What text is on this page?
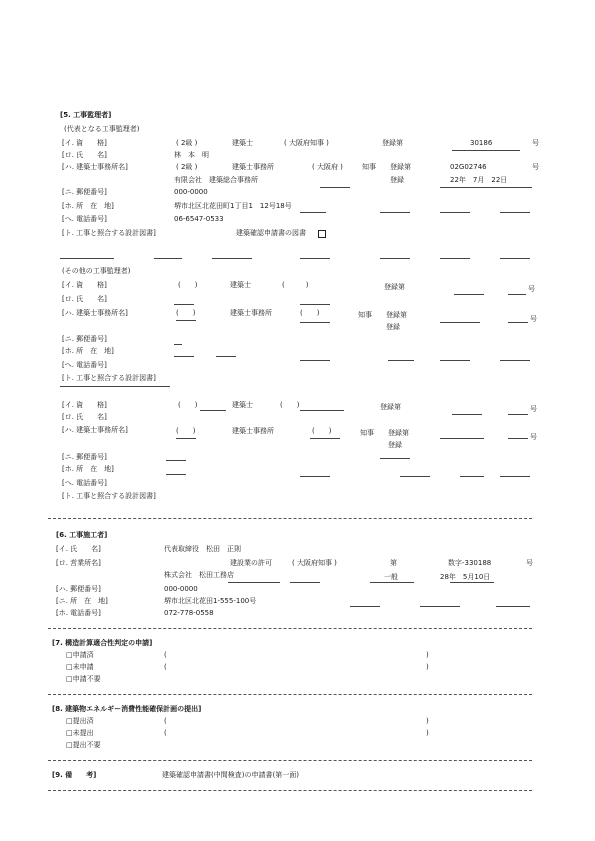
[5. 工事監理者]
(代表となる工事監理者)
[イ. 資　　格]	( 2級 )	建築士	( 大阪府知事 )	登録第	30186	号
[ロ. 氏　　名]	林　本　明
[ハ. 建築士事務所名]	( 2級 )	建築士事務所	( 大阪府 )	知事 登録第	02G02746	号
有限会社　建築総合事務所	登録	22年　7月　22日
[ニ. 郵便番号]	000-0000
[ホ. 所　在　地]	堺市北区北花田町1丁目1　12号18号
[へ. 電話番号]	06-6547-0533
[ト. 工事と照合する設計図書]	建築確認申請書の図書
(その他の工事監理者)
[イ. 資　　格]	(　　)	建築士	(　　　)	登録第	号
[ロ. 氏　　名]
[ハ. 建築士事務所名]	(　　)	建築士事務所	(　　)	知事 登録第
登録
号
[ニ. 郵便番号]
[ホ. 所　在　地]
[へ. 電話番号]
[ト. 工事と照合する設計図書]
[イ. 資　　格]	(　　)	建築士	(　　)	登録第	号
[ロ. 氏　　名]
[ハ. 建築士事務所名]	(　　)	建築士事務所	(　　)	知事 登録第
登録
号
[ニ. 郵便番号]
[ホ. 所　在　地]
[へ. 電話番号]
[ト. 工事と照合する設計図書]
[6. 工事施工者]
[イ. 氏　　名]	代表取締役　松田　正則
[ロ. 営業所名]	建設業の許可	( 大阪府知事 )	第	数字-330188	号
株式会社　松田工務店	一般	28年　5月10日
[ハ. 郵便番号]	000-0000
[ニ. 所　在　地]	堺市北区北花田1-555-100号
[ホ. 電話番号]	072-778-0558
[7. 構造計算適合性判定の申請]
□申請済	(	)
□未申請	(	)
□申請不要
[8. 建築物エネルギー消費性能確保計画の提出]
□提出済	(	)
□未提出	(	)
□提出不要
[9. 備　　考]	建築確認申請書(中間検査)の申請書(第一面)
